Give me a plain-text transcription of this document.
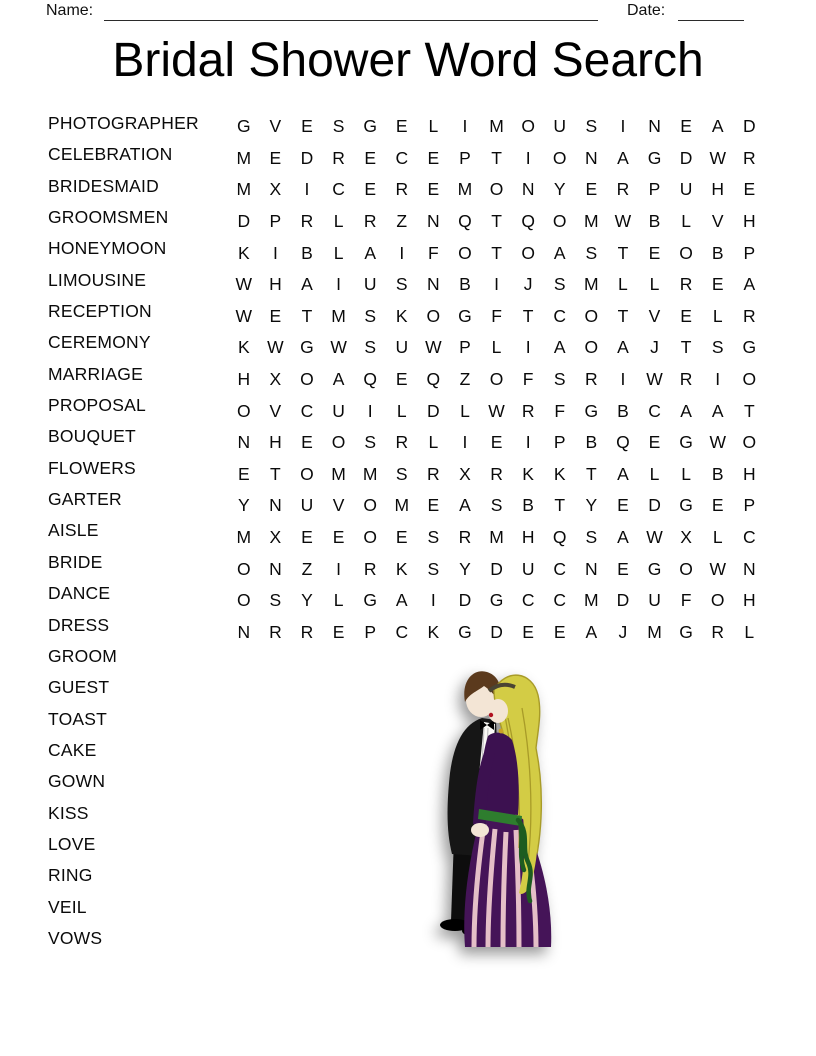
Name:	Date:
Bridal Shower Word Search
PHOTOGRAPHER
CELEBRATION
BRIDESMAID
GROOMSMEN
HONEYMOON
LIMOUSINE
RECEPTION
CEREMONY
MARRIAGE
PROPOSAL
BOUQUET
FLOWERS
GARTER
AISLE
BRIDE
DANCE
DRESS
GROOM
GUEST
TOAST
CAKE
GOWN
KISS
LOVE
RING
VEIL
VOWS
G	V	E	S	G	E	L	I	M	O	U	S	I	N	E	A	D
M	E	D	R	E	C	E	P	T	I	O	N	A	G	D W R
M	X	I	C	E	R	E	M	O	N	Y	E	R	P	U	H	E
D	P	R	L	R	Z	N	Q	T	Q	O M W B	L	V	H
K	I	B	L	A	I	F	O	T	O	A	S	T	E	O	B	P
W H	A	I	U	S	N	B	I	J	S	M	L	L	R	E	A
W E	T	M	S	K	O	G	F	T	C	O	T	V	E	L	R
K W G W S	U W P	L	I	A	O	A	J	T	S	G
H	X	O	A	Q	E	Q	Z	O	F	S	R	I	W R	I	O
O	V	C	U	I	L	D	L	W R	F	G	B	C	A	A	T
N	H	E	O	S	R	L	I	E	I	P	B	Q	E	G W O
E	T	O M M	S	R	X	R	K	K	T	A	L	L	B	H
Y	N	U	V	O M	E	A	S	B	T	Y	E	D	G	E	P
M	X	E	E	O	E	S	R	M	H	Q	S	A W X	L	C
O	N	Z	I	R	K	S	Y	D	U	C	N	E	G	O W N
O	S	Y	L	G	A	I	D	G	C	C	M	D	U	F	O	H
N	R	R	E	P	C	K	G	D	E	E	A	J	M	G	R	L
